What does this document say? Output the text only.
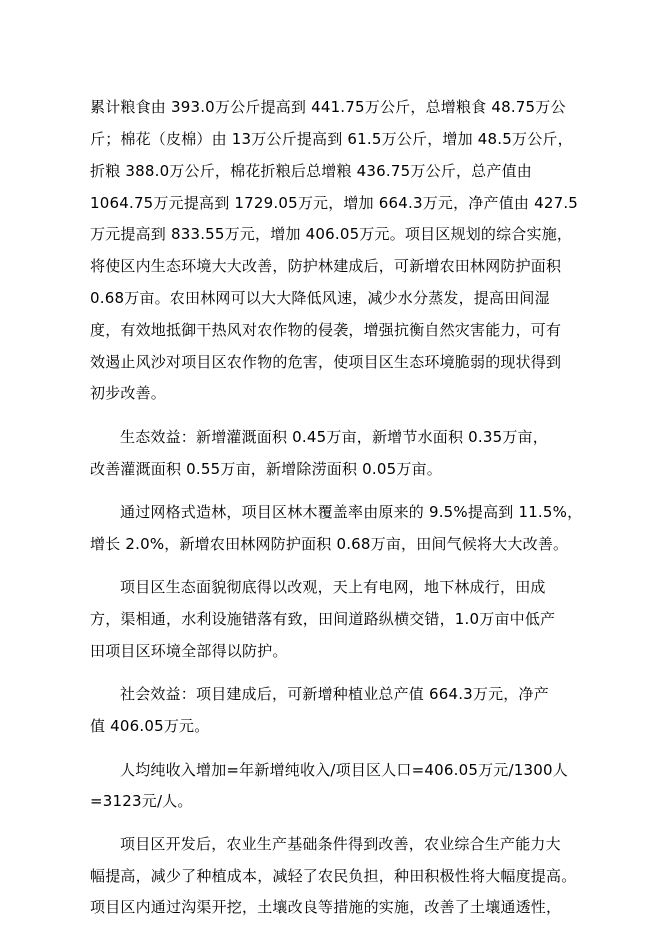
累计粮食由 393.0万公斤提高到 441.75万公斤，总增粮食 48.75万公
斤；棉花（皮棉）由 13万公斤提高到 61.5万公斤，增加 48.5万公斤，
折粮 388.0万公斤，棉花折粮后总增粮 436.75万公斤，总产值由
1064.75万元提高到 1729.05万元，增加 664.3万元，净产值由 427.5
万元提高到 833.55万元，增加 406.05万元。项目区规划的综合实施，
将使区内生态环境大大改善，防护林建成后，可新增农田林网防护面积
0.68万亩。农田林网可以大大降低风速，减少水分蒸发，提高田间湿
度，有效地抵御干热风对农作物的侵袭，增强抗衡自然灾害能力，可有
效遏止风沙对项目区农作物的危害，使项目区生态环境脆弱的现状得到
初步改善。
生态效益：新增灌溉面积 0.45万亩，新增节水面积 0.35万亩，
改善灌溉面积 0.55万亩，新增除涝面积 0.05万亩。
通过网格式造林，项目区林木覆盖率由原来的 9.5%提高到 11.5%，
增长 2.0%，新增农田林网防护面积 0.68万亩，田间气候将大大改善。
项目区生态面貌彻底得以改观，天上有电网，地下林成行，田成
方，渠相通，水利设施错落有致，田间道路纵横交错，1.0万亩中低产
田项目区环境全部得以防护。
社会效益：项目建成后，可新增种植业总产值 664.3万元，净产
值 406.05万元。
人均纯收入增加=年新增纯收入/项目区人口=406.05万元/1300人
=3123元/人。
项目区开发后，农业生产基础条件得到改善，农业综合生产能力大
幅提高，减少了种植成本，减轻了农民负担，种田积极性将大幅度提高。
项目区内通过沟渠开挖，土壤改良等措施的实施，改善了土壤通透性，
